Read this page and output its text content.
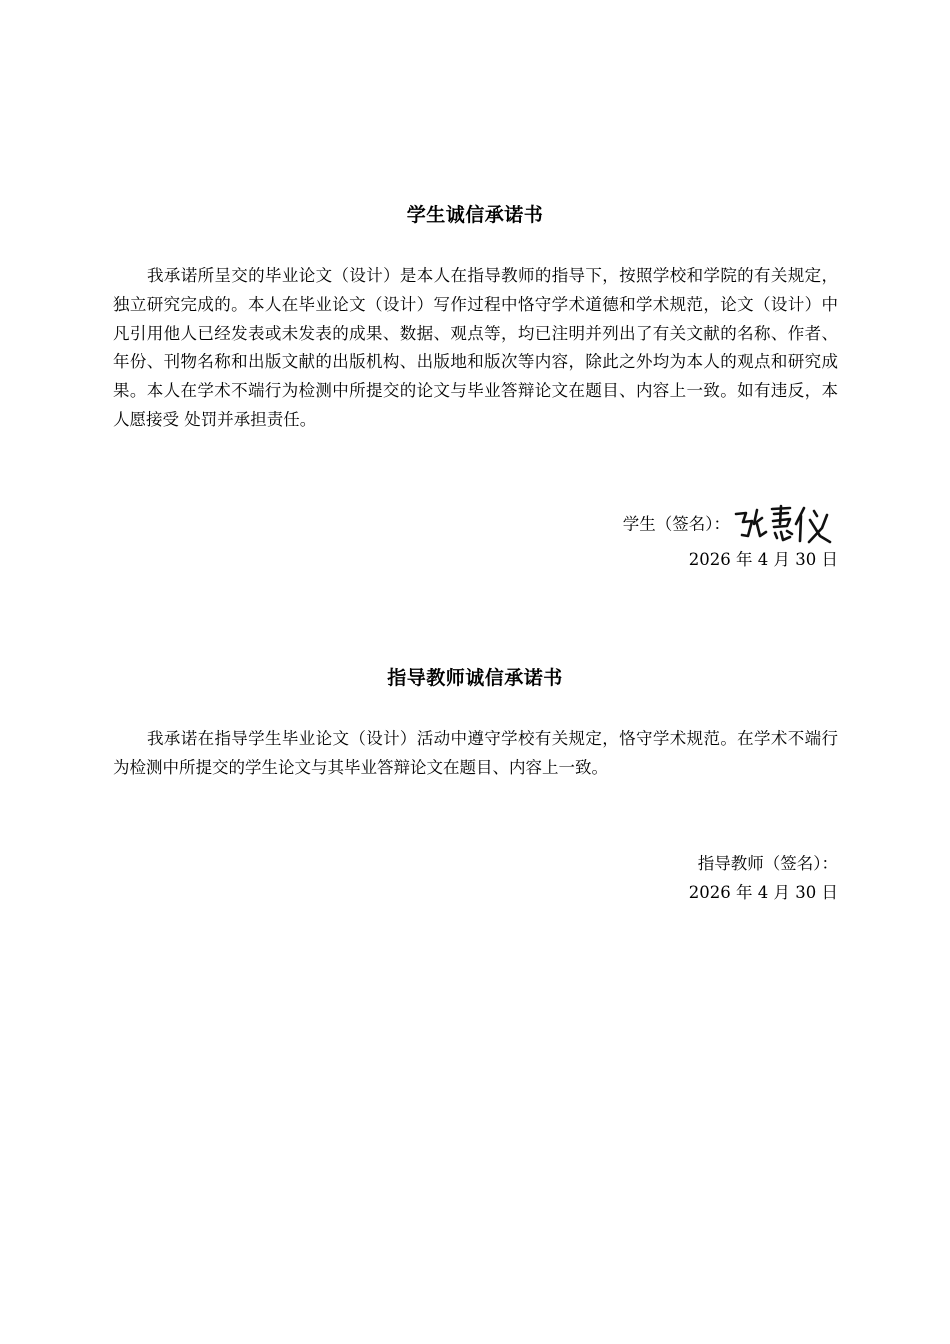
学生诚信承诺书
我承诺所呈交的毕业论文（设计）是本人在指导教师的指导下，按照学校和学院的有关规定，独立研究完成的。本人在毕业论文（设计）写作过程中恪守学术道德和学术规范，论文（设计）中凡引用他人已经发表或未发表的成果、数据、观点等，均已注明并列出了有关文献的名称、作者、年份、刊物名称和出版文献的出版机构、出版地和版次等内容，除此之外均为本人的观点和研究成果。本人在学术不端行为检测中所提交的论文与毕业答辩论文在题目、内容上一致。如有违反，本人愿接受 处罚并承担责任。
学生（签名）：
2026 年 4 月 30 日
指导教师诚信承诺书
我承诺在指导学生毕业论文（设计）活动中遵守学校有关规定，恪守学术规范。在学术不端行为检测中所提交的学生论文与其毕业答辩论文在题目、内容上一致。
指导教师（签名）：
2026 年 4 月 30 日
